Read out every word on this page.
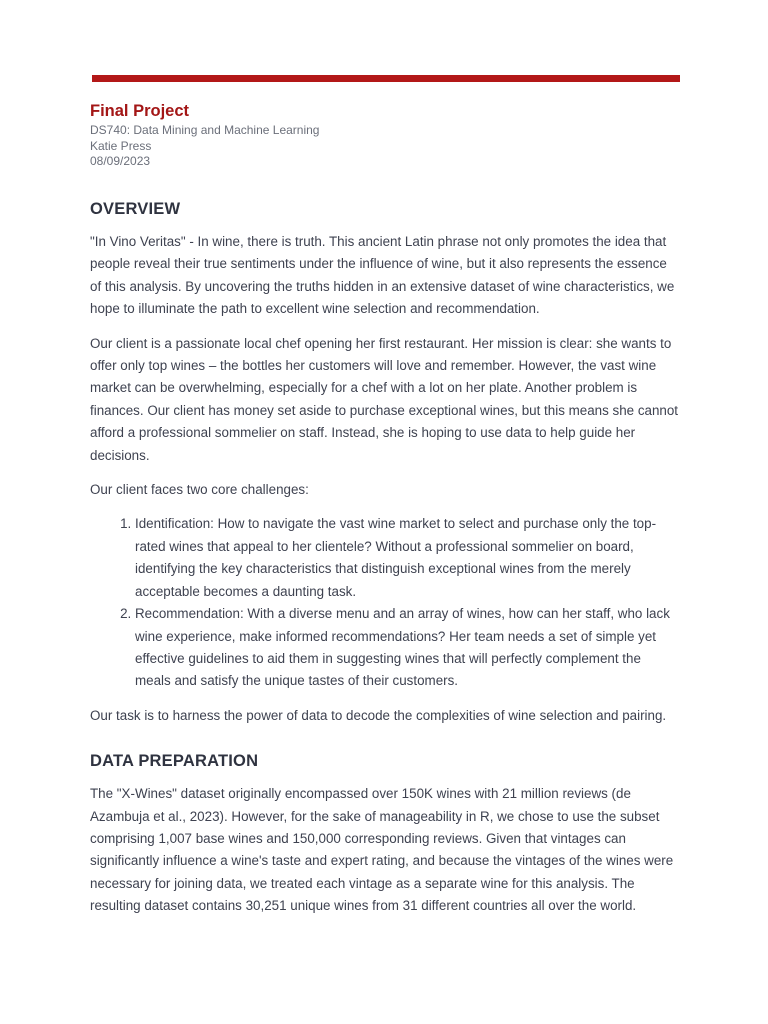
Final Project
DS740: Data Mining and Machine Learning
Katie Press
08/09/2023
OVERVIEW

"In Vino Veritas" - In wine, there is truth. This ancient Latin phrase not only promotes the idea that people reveal their true sentiments under the influence of wine, but it also represents the essence of this analysis. By uncovering the truths hidden in an extensive dataset of wine characteristics, we hope to illuminate the path to excellent wine selection and recommendation.

Our client is a passionate local chef opening her first restaurant. Her mission is clear: she wants to offer only top wines – the bottles her customers will love and remember. However, the vast wine market can be overwhelming, especially for a chef with a lot on her plate. Another problem is finances. Our client has money set aside to purchase exceptional wines, but this means she cannot afford a professional sommelier on staff. Instead, she is hoping to use data to help guide her decisions.

Our client faces two core challenges:

1. Identification: How to navigate the vast wine market to select and purchase only the top-rated wines that appeal to her clientele? Without a professional sommelier on board, identifying the key characteristics that distinguish exceptional wines from the merely acceptable becomes a daunting task.
2. Recommendation: With a diverse menu and an array of wines, how can her staff, who lack wine experience, make informed recommendations? Her team needs a set of simple yet effective guidelines to aid them in suggesting wines that will perfectly complement the meals and satisfy the unique tastes of their customers.

Our task is to harness the power of data to decode the complexities of wine selection and pairing.

DATA PREPARATION

The "X-Wines" dataset originally encompassed over 150K wines with 21 million reviews (de Azambuja et al., 2023). However, for the sake of manageability in R, we chose to use the subset comprising 1,007 base wines and 150,000 corresponding reviews. Given that vintages can significantly influence a wine's taste and expert rating, and because the vintages of the wines were necessary for joining data, we treated each vintage as a separate wine for this analysis. The resulting dataset contains 30,251 unique wines from 31 different countries all over the world.
